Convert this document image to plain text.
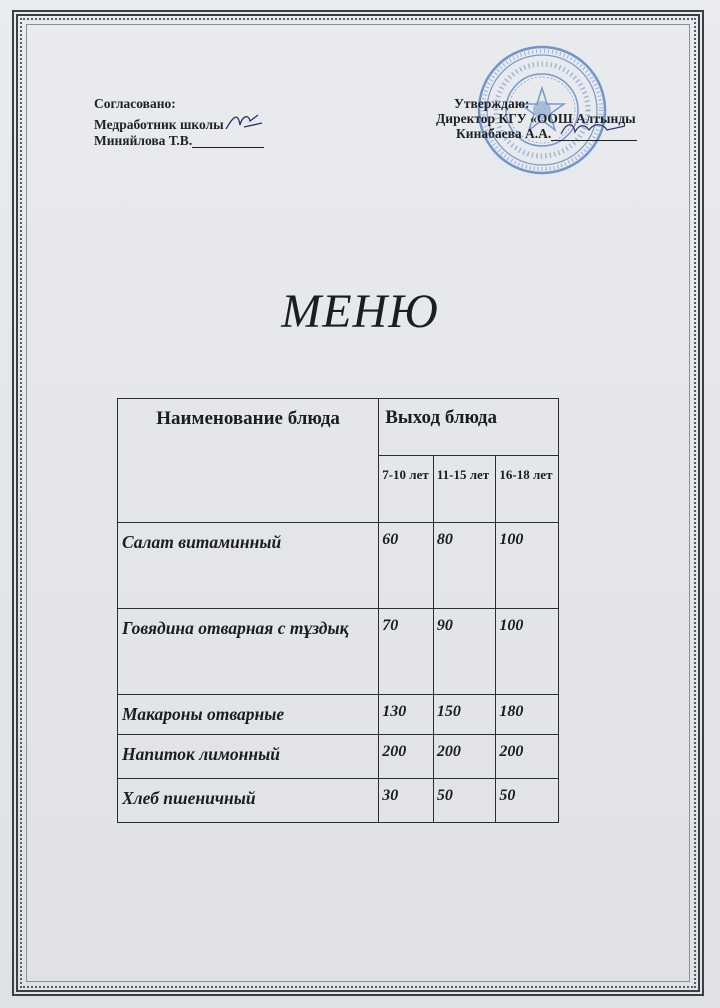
Согласовано:
Медработник школы
Миняйлова Т.В.
Утверждаю:
Директор КГУ «ООШ Алтынды
Кинабаева А.А.
МЕНЮ
Наименование блюда	Выход блюда		
	7-10 лет	11-15 лет	16-18 лет
Салат витаминный	60	80	100
Говядина отварная с тұздық	70	90	100
Макароны отварные	130	150	180
Напиток лимонный	200	200	200
Хлеб пшеничный	30	50	50
